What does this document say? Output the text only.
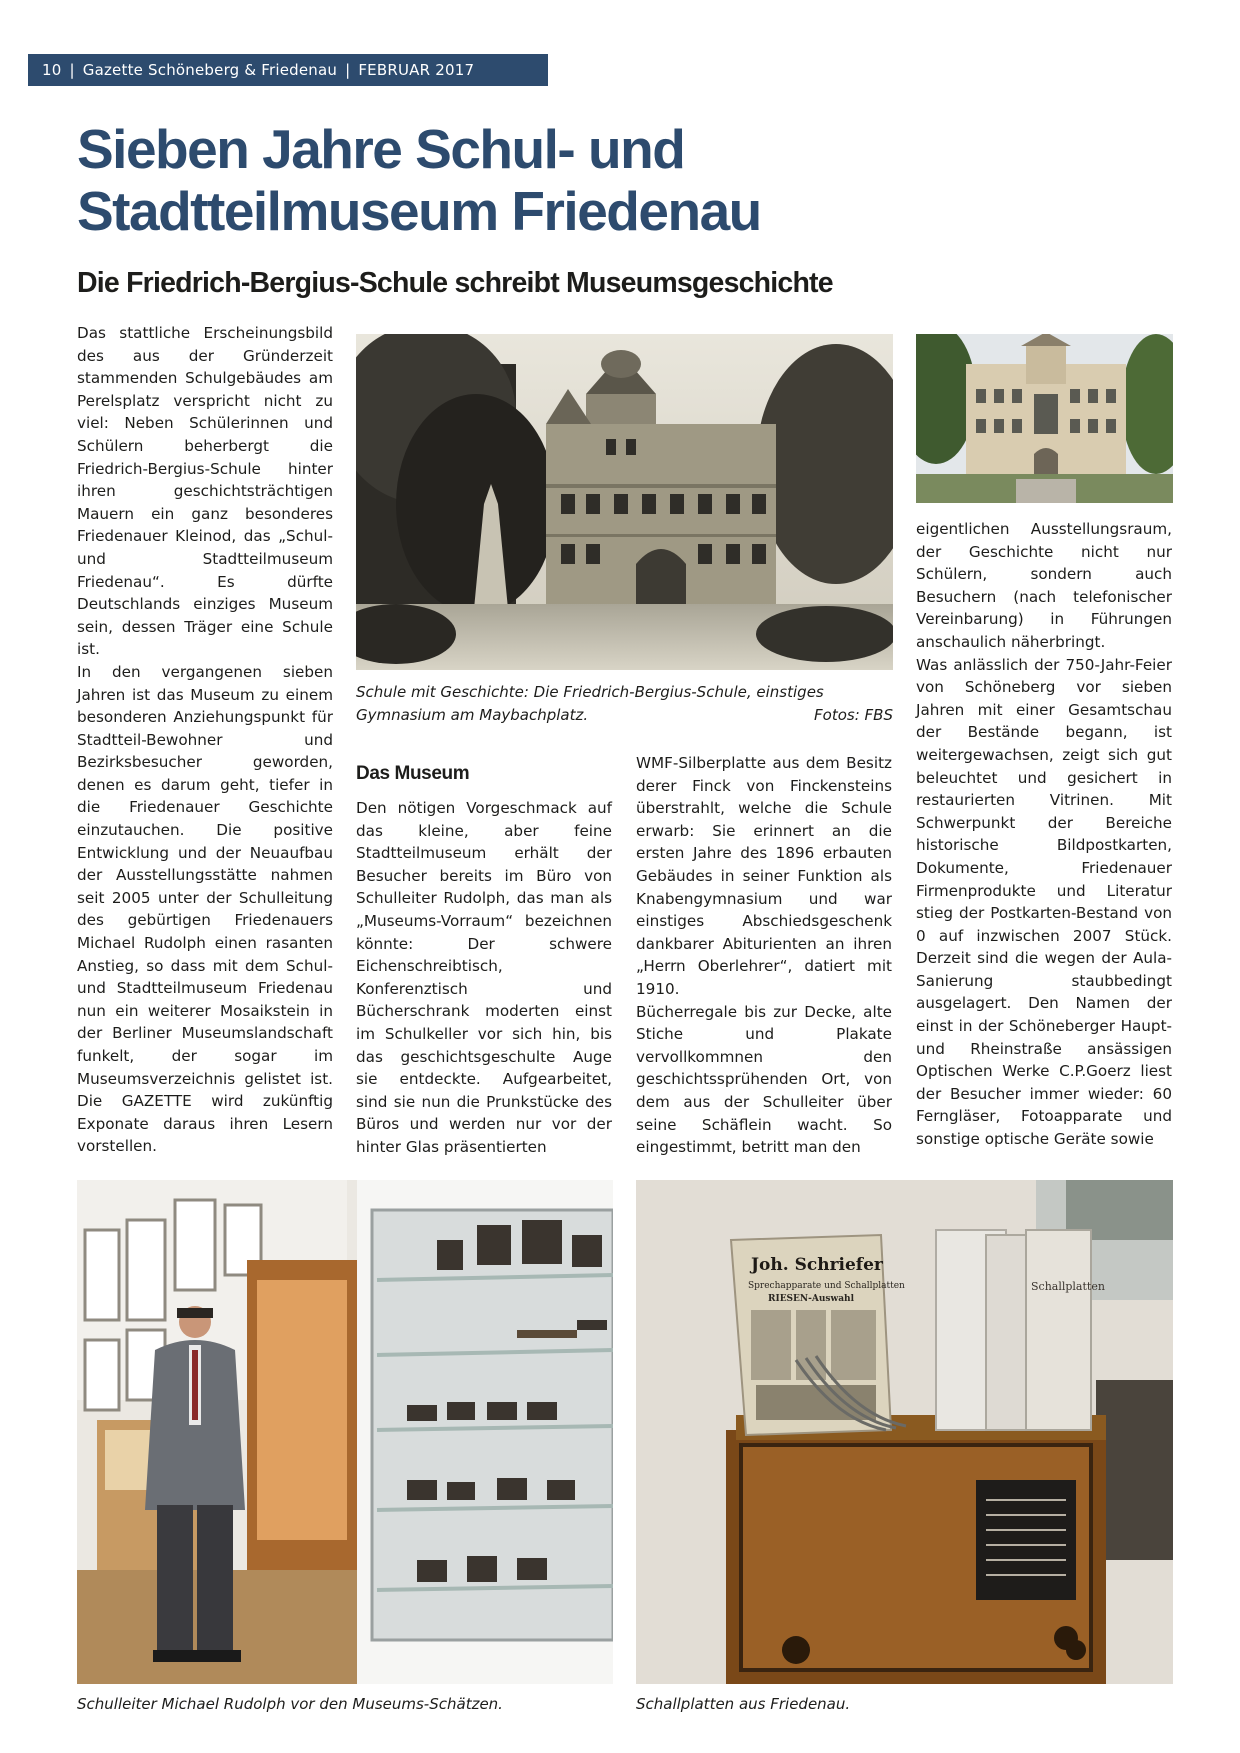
10 | Gazette Schöneberg & Friedenau | FEBRUAR 2017
Sieben Jahre Schul- und
Stadtteilmuseum Friedenau
Die Friedrich-Bergius-Schule schreibt Museumsgeschichte

Das stattliche Erscheinungsbild des aus der Gründerzeit stammenden Schulgebäudes am Perelsplatz verspricht nicht zu viel: Neben Schülerinnen und Schülern beherbergt die Friedrich-Bergius-Schule hinter ihren geschichtsträchtigen Mauern ein ganz besonderes Friedenauer Kleinod, das „Schul- und Stadtteilmuseum Friedenau“. Es dürfte Deutschlands einziges Museum sein, dessen Träger eine Schule ist.

In den vergangenen sieben Jahren ist das Museum zu einem besonderen Anziehungspunkt für Stadtteil-Bewohner und Bezirksbesucher geworden, denen es darum geht, tiefer in die Friedenauer Geschichte einzutauchen. Die positive Entwicklung und der Neuaufbau der Ausstellungsstätte nahmen seit 2005 unter der Schulleitung des gebürtigen Friedenauers Michael Rudolph einen rasanten Anstieg, so dass mit dem Schul- und Stadtteilmuseum Friedenau nun ein weiterer Mosaikstein in der Berliner Museumslandschaft funkelt, der sogar im Museumsverzeichnis gelistet ist. Die GAZETTE wird zukünftig Exponate daraus ihren Lesern vorstellen.

Schule mit Geschichte: Die Friedrich-Bergius-Schule, einstiges
Gymnasium am Maybachplatz.	Fotos: FBS
Das Museum

Den nötigen Vorgeschmack auf das kleine, aber feine Stadtteilmuseum erhält der Besucher bereits im Büro von Schulleiter Rudolph, das man als „Museums-Vorraum“ bezeichnen könnte: Der schwere Eichenschreibtisch, Konferenztisch und Bücherschrank moderten einst im Schulkeller vor sich hin, bis das geschichtsgeschulte Auge sie entdeckte. Aufgearbeitet, sind sie nun die Prunkstücke des Büros und werden nur vor der hinter Glas präsentierten

WMF-Silberplatte aus dem Besitz derer Finck von Finckensteins überstrahlt, welche die Schule erwarb: Sie erinnert an die ersten Jahre des 1896 erbauten Gebäudes in seiner Funktion als Knabengymnasium und war einstiges Abschiedsgeschenk dankbarer Abiturienten an ihren „Herrn Oberlehrer“, datiert mit 1910.

Bücherregale bis zur Decke, alte Stiche und Plakate vervollkommnen den geschichtssprühenden Ort, von dem aus der Schulleiter über seine Schäflein wacht. So eingestimmt, betritt man den

eigentlichen Ausstellungsraum, der Geschichte nicht nur Schülern, sondern auch Besuchern (nach telefonischer Vereinbarung) in Führungen anschaulich näherbringt.

Was anlässlich der 750-Jahr-Feier von Schöneberg vor sieben Jahren mit einer Gesamtschau der Bestände begann, ist weitergewachsen, zeigt sich gut beleuchtet und gesichert in restaurierten Vitrinen. Mit Schwerpunkt der Bereiche historische Bildpostkarten, Dokumente, Friedenauer Firmenprodukte und Literatur stieg der Postkarten-Bestand von 0 auf inzwischen 2007 Stück. Derzeit sind die wegen der Aula-Sanierung staubbedingt ausgelagert. Den Namen der einst in der Schöneberger Haupt- und Rheinstraße ansässigen Optischen Werke C.P.Goerz liest der Besucher immer wieder: 60 Ferngläser, Fotoapparate und sonstige optische Geräte sowie

Schulleiter Michael Rudolph vor den Museums-Schätzen.
Schallplatten
Joh. Schriefer
Sprechapparate und Schallplatten
RIESEN-Auswahl
Schallplatten aus Friedenau.
